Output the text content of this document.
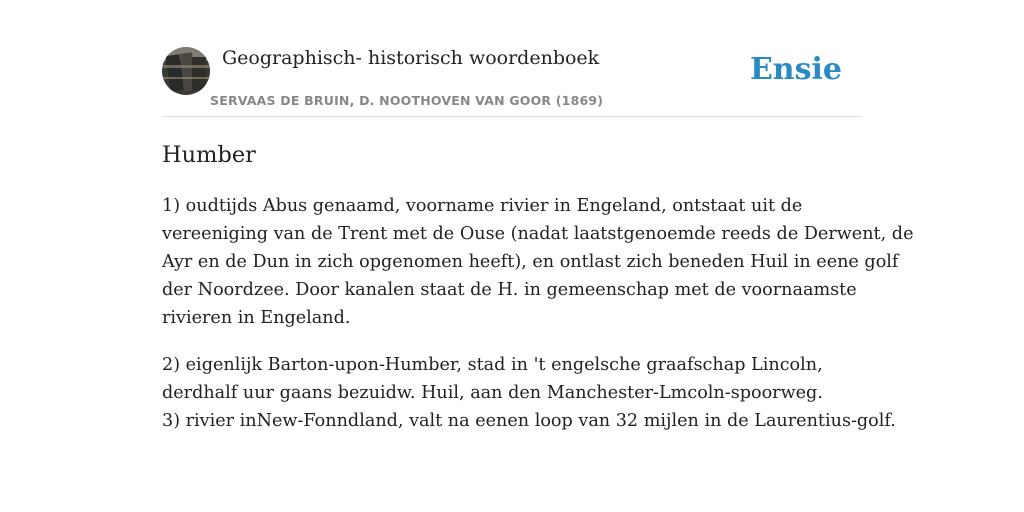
Geographisch- historisch woordenboek
SERVAAS DE BRUIN, D. NOOTHOVEN VAN GOOR (1869)
Ensie
Humber

1) oudtijds Abus genaamd, voorname rivier in Engeland, ontstaat uit de
vereeniging van de Trent met de Ouse (nadat laatstgenoemde reeds de Derwent, de
Ayr en de Dun in zich opgenomen heeft), en ontlast zich beneden Huil in eene golf
der Noordzee. Door kanalen staat de H. in gemeenschap met de voornaamste
rivieren in Engeland.

2) eigenlijk Barton-upon-Humber, stad in 't engelsche graafschap Lincoln,
derdhalf uur gaans bezuidw. Huil, aan den Manchester-Lmcoln-spoorweg.
3) rivier inNew-Fonndland, valt na eenen loop van 32 mijlen in de Laurentius-golf.
